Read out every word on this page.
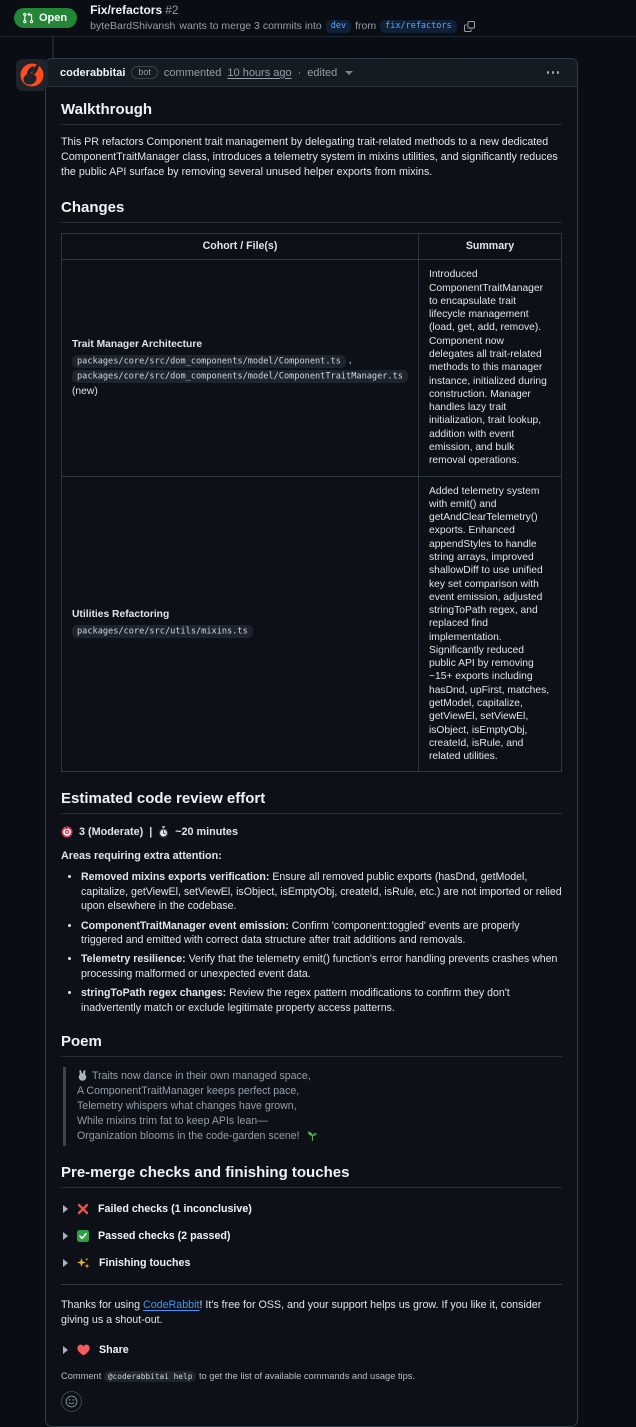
Open
Fix/refactors #2
byteBardShivansh wants to merge 3 commits into	dev from	fix/refactors
coderabbitai	bot	commented 10 hours ago · edited
Walkthrough

This PR refactors Component trait management by delegating trait-related methods to a new dedicated ComponentTraitManager class, introduces a telemetry system in mixins utilities, and significantly reduces the public API surface by removing several unused helper exports from mixins.

Changes
Cohort / File(s)	Summary

Trait Manager Architecture
packages/core/src/dom_components/model/Component.ts ,
packages/core/src/dom_components/model/ComponentTraitManager.ts
(new)
	Introduced ComponentTraitManager to encapsulate trait lifecycle management (load, get, add, remove). Component now delegates all trait-related methods to this manager instance, initialized during construction. Manager handles lazy trait initialization, trait lookup, addition with event emission, and bulk removal operations.

Utilities Refactoring
packages/core/src/utils/mixins.ts	Added telemetry system with emit() and getAndClearTelemetry() exports. Enhanced appendStyles to handle string arrays, improved shallowDiff to use unified key set comparison with event emission, adjusted stringToPath regex, and replaced find implementation. Significantly reduced public API by removing ~15+ exports including hasDnd, upFirst, matches, getModel, capitalize, getViewEl, setViewEl, isObject, isEmptyObj, createId, isRule, and related utilities.
Estimated code review effort
3 (Moderate) | ~20 minutes
Areas requiring extra attention:
• Removed mixins exports verification: Ensure all removed public exports (hasDnd, getModel, capitalize, getViewEl, setViewEl, isObject, isEmptyObj, createId, isRule, etc.) are not imported or relied upon elsewhere in the codebase.
• ComponentTraitManager event emission: Confirm 'component:toggled' events are properly triggered and emitted with correct data structure after trait additions and removals.
• Telemetry resilience: Verify that the telemetry emit() function's error handling prevents crashes when processing malformed or unexpected event data.
• stringToPath regex changes: Review the regex pattern modifications to confirm they don't inadvertently match or exclude legitimate property access patterns.
Poem
Traits now dance in their own managed space,
A ComponentTraitManager keeps perfect pace,
Telemetry whispers what changes have grown,
While mixins trim fat to keep APIs lean—
Organization blooms in the code-garden scene!
Pre-merge checks and finishing touches
Failed checks (1 inconclusive)
Passed checks (2 passed)
Finishing touches

Thanks for using CodeRabbit! It's free for OSS, and your support helps us grow. If you like it, consider giving us a shout-out.

Share

Comment @coderabbitai help to get the list of available commands and usage tips.
